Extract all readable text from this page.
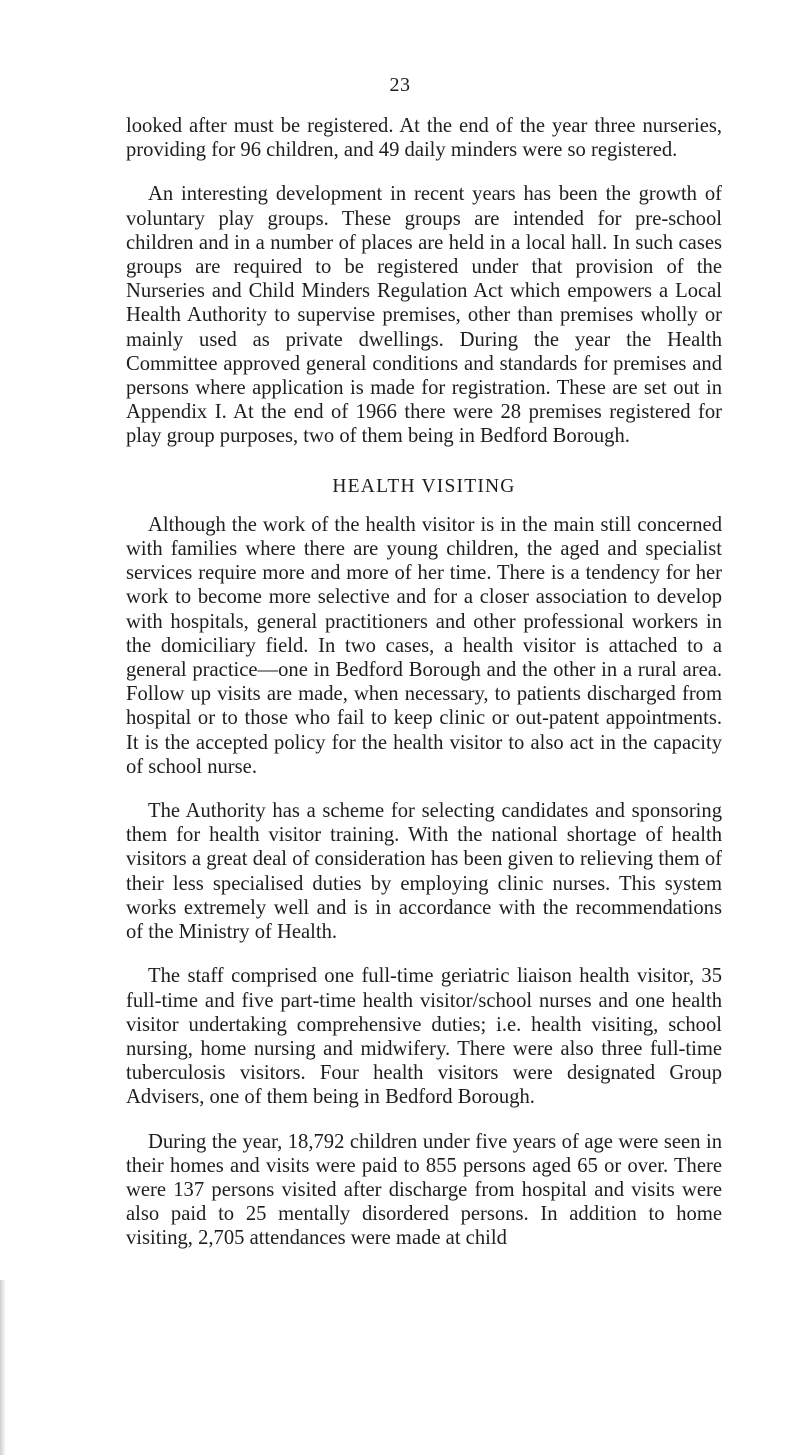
23

looked after must be registered. At the end of the year three nurseries, providing for 96 children, and 49 daily minders were so registered.

An interesting development in recent years has been the growth of voluntary play groups. These groups are intended for pre-school children and in a number of places are held in a local hall. In such cases groups are required to be registered under that provision of the Nurseries and Child Minders Regulation Act which empowers a Local Health Authority to supervise premises, other than premises wholly or mainly used as private dwellings. During the year the Health Committee approved general conditions and standards for premises and persons where application is made for registration. These are set out in Appendix I. At the end of 1966 there were 28 premises registered for play group purposes, two of them being in Bedford Borough.

HEALTH VISITING

Although the work of the health visitor is in the main still concerned with families where there are young children, the aged and specialist services require more and more of her time. There is a tendency for her work to become more selective and for a closer association to develop with hospitals, general practitioners and other professional workers in the domiciliary field. In two cases, a health visitor is attached to a general practice—one in Bedford Borough and the other in a rural area. Follow up visits are made, when necessary, to patients discharged from hospital or to those who fail to keep clinic or out-patent appointments. It is the accepted policy for the health visitor to also act in the capacity of school nurse.

The Authority has a scheme for selecting candidates and sponsoring them for health visitor training. With the national shortage of health visitors a great deal of consideration has been given to relieving them of their less specialised duties by employing clinic nurses. This system works extremely well and is in accordance with the recommendations of the Ministry of Health.

The staff comprised one full-time geriatric liaison health visitor, 35 full-time and five part-time health visitor/school nurses and one health visitor undertaking comprehensive duties; i.e. health visiting, school nursing, home nursing and midwifery. There were also three full-time tuberculosis visitors. Four health visitors were designated Group Advisers, one of them being in Bedford Borough.

During the year, 18,792 children under five years of age were seen in their homes and visits were paid to 855 persons aged 65 or over. There were 137 persons visited after discharge from hospital and visits were also paid to 25 mentally disordered persons. In addition to home visiting, 2,705 attendances were made at child
